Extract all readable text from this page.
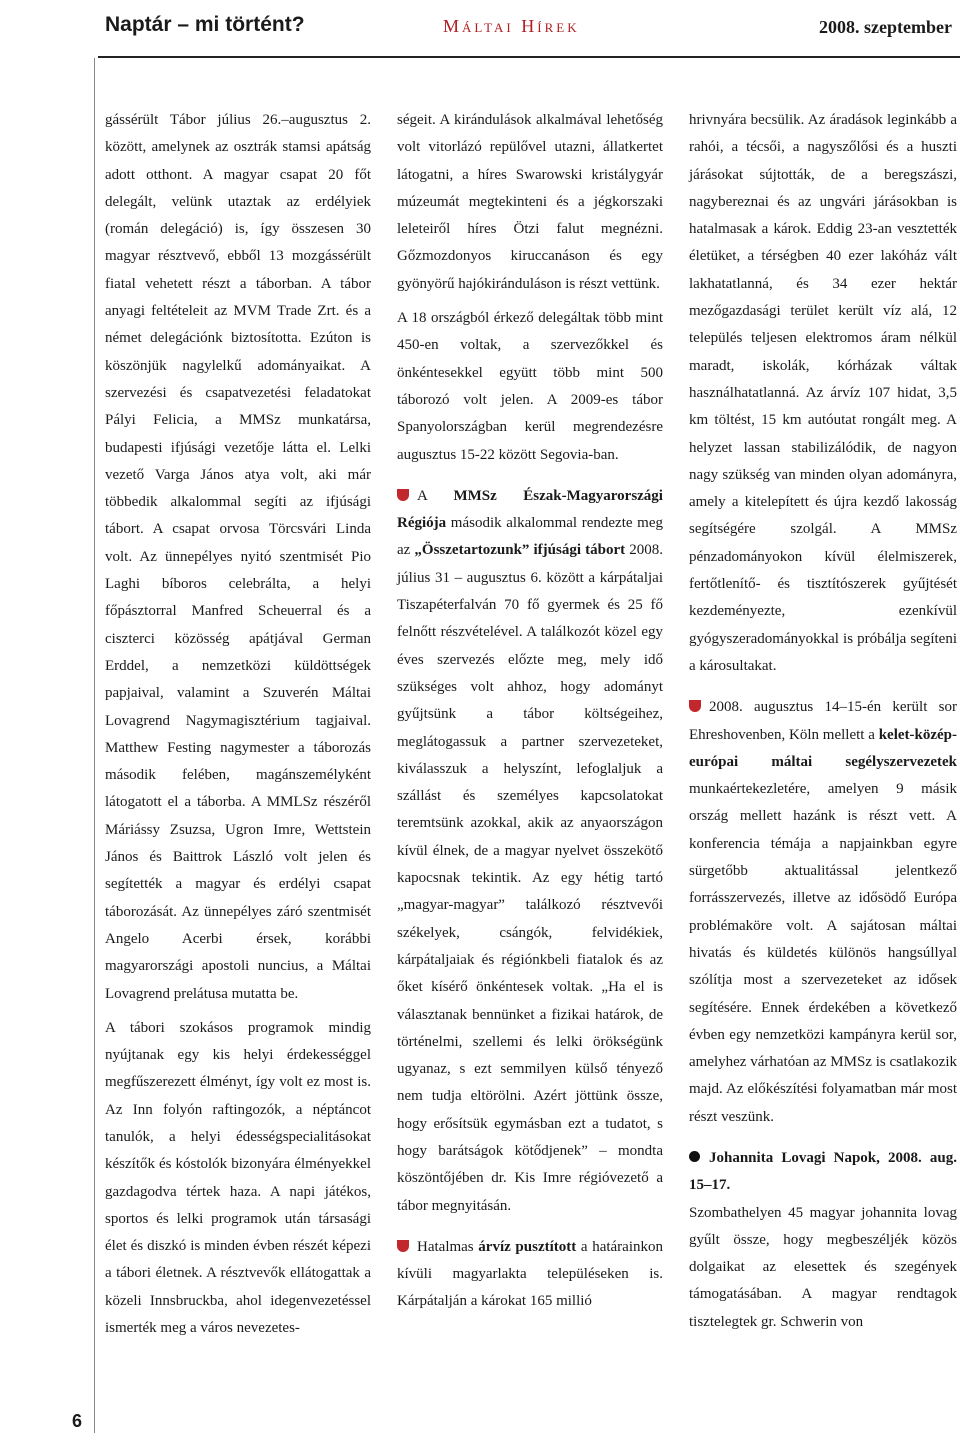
Naptár – mi történt?	Máltai Hírek	2008. szeptember
6

gássérült Tábor július 26.–augusztus 2. között, amelynek az osztrák stamsi apátság adott otthont. A magyar csapat 20 főt delegált, velünk utaztak az erdélyiek (román delegáció) is, így összesen 30 magyar résztvevő, ebből 13 mozgássérült fiatal vehetett részt a táborban. A tábor anyagi feltételeit az MVM Trade Zrt. és a német delegációnk biztosította. Ezúton is köszönjük nagylelkű adományaikat. A szervezési és csapatvezetési feladatokat Pályi Felicia, a MMSz munkatársa, budapesti ifjúsági vezetője látta el. Lelki vezető Varga János atya volt, aki már többedik alkalommal segíti az ifjúsági tábort. A csapat orvosa Törcsvári Linda volt. Az ünnepélyes nyitó szentmisét Pio Laghi bíboros celebrálta, a helyi főpásztorral Manfred Scheuerral és a ciszterci közösség apátjával German Erddel, a nemzetközi küldöttségek papjaival, valamint a Szuverén Máltai Lovagrend Nagymagisztérium tagjaival. Matthew Festing nagymester a táborozás második felében, magánszemélyként látogatott el a táborba. A MMLSz részéről Máriássy Zsuzsa, Ugron Imre, Wettstein János és Baittrok László volt jelen és segítették a magyar és erdélyi csapat táborozását. Az ünnepélyes záró szentmisét Angelo Acerbi érsek, korábbi magyarországi apostoli nuncius, a Máltai Lovagrend prelátusa mutatta be.

A tábori szokásos programok mindig nyújtanak egy kis helyi érdekességgel megfűszerezett élményt, így volt ez most is. Az Inn folyón raftingozók, a néptáncot tanulók, a helyi édességspecialitásokat készítők és kóstolók bizonyára élményekkel gazdagodva tértek haza. A napi játékos, sportos és lelki programok után társasági élet és diszkó is minden évben részét képezi a tábori életnek. A résztvevők ellátogattak a közeli Innsbruckba, ahol idegenvezetéssel ismerték meg a város nevezetes-

ségeit. A kirándulások alkalmával lehetőség volt vitorlázó repülővel utazni, állatkertet látogatni, a híres Swarowski kristálygyár múzeumát megtekinteni és a jégkorszaki leleteiről híres Ötzi falut megnézni. Gőzmozdonyos kiruccanáson és egy gyönyörű hajókiránduláson is részt vettünk.

A 18 országból érkező delegáltak több mint 450-en voltak, a szervezőkkel és önkéntesekkel együtt több mint 500 táborozó volt jelen. A 2009-es tábor Spanyolországban kerül megrendezésre augusztus 15-22 között Segovia-ban.

A MMSz Észak-Magyarországi Régiója második alkalommal rendezte meg az „Összetartozunk” ifjúsági tábort 2008. július 31 – augusztus 6. között a kárpátaljai Tiszapéterfalván 70 fő gyermek és 25 fő felnőtt részvételével. A találkozót közel egy éves szervezés előzte meg, mely idő szükséges volt ahhoz, hogy adományt gyűjtsünk a tábor költségeihez, meglátogassuk a partner szervezeteket, kiválasszuk a helyszínt, lefoglaljuk a szállást és személyes kapcsolatokat teremtsünk azokkal, akik az anyaországon kívül élnek, de a magyar nyelvet összekötő kapocsnak tekintik. Az egy hétig tartó „magyar-magyar” találkozó résztvevői székelyek, csángók, felvidékiek, kárpátaljaiak és régiónkbeli fiatalok és az őket kísérő önkéntesek voltak. „Ha el is választanak bennünket a fizikai határok, de történelmi, szellemi és lelki örökségünk ugyanaz, s ezt semmilyen külső tényező nem tudja eltörölni. Azért jöttünk össze, hogy erősítsük egymásban ezt a tudatot, s hogy barátságok kötődjenek” – mondta köszöntőjében dr. Kis Imre régióvezető a tábor megnyitásán.

Hatalmas árvíz pusztított a határainkon kívüli magyarlakta településeken is. Kárpátalján a károkat 165 millió

hrivnyára becsülik. Az áradások leginkább a rahói, a técsői, a nagyszőlősi és a huszti járásokat sújtották, de a beregszászi, nagybereznai és az ungvári járásokban is hatalmasak a károk. Eddig 23-an vesztették életüket, a térségben 40 ezer lakóház vált lakhatatlanná, és 34 ezer hektár mezőgazdasági terület került víz alá, 12 település teljesen elektromos áram nélkül maradt, iskolák, kórházak váltak használhatatlanná. Az árvíz 107 hidat, 3,5 km töltést, 15 km autóutat rongált meg. A helyzet lassan stabilizálódik, de nagyon nagy szükség van minden olyan adományra, amely a kitelepített és újra kezdő lakosság segítségére szolgál. A MMSz pénzadományokon kívül élelmiszerek, fertőtlenítő- és tisztítószerek gyűjtését kezdeményezte, ezenkívül gyógyszeradományokkal is próbálja segíteni a károsultakat.

2008. augusztus 14–15-én került sor Ehreshovenben, Köln mellett a kelet-közép-európai máltai segélyszervezetek munkaértekezletére, amelyen 9 másik ország mellett hazánk is részt vett. A konferencia témája a napjainkban egyre sürgetőbb aktualitással jelentkező forrásszervezés, illetve az idősödő Európa problémaköre volt. A sajátosan máltai hivatás és küldetés különös hangsúllyal szólítja most a szervezeteket az idősek segítésére. Ennek érdekében a következő évben egy nemzetközi kampányra kerül sor, amelyhez várhatóan az MMSz is csatlakozik majd. Az előkészítési folyamatban már most részt veszünk.

Johannita Lovagi Napok, 2008. aug. 15–17.

Szombathelyen 45 magyar johannita lovag gyűlt össze, hogy megbeszéljék közös dolgaikat az elesettek és szegények támogatásában. A magyar rendtagok tisztelegtek gr. Schwerin von
